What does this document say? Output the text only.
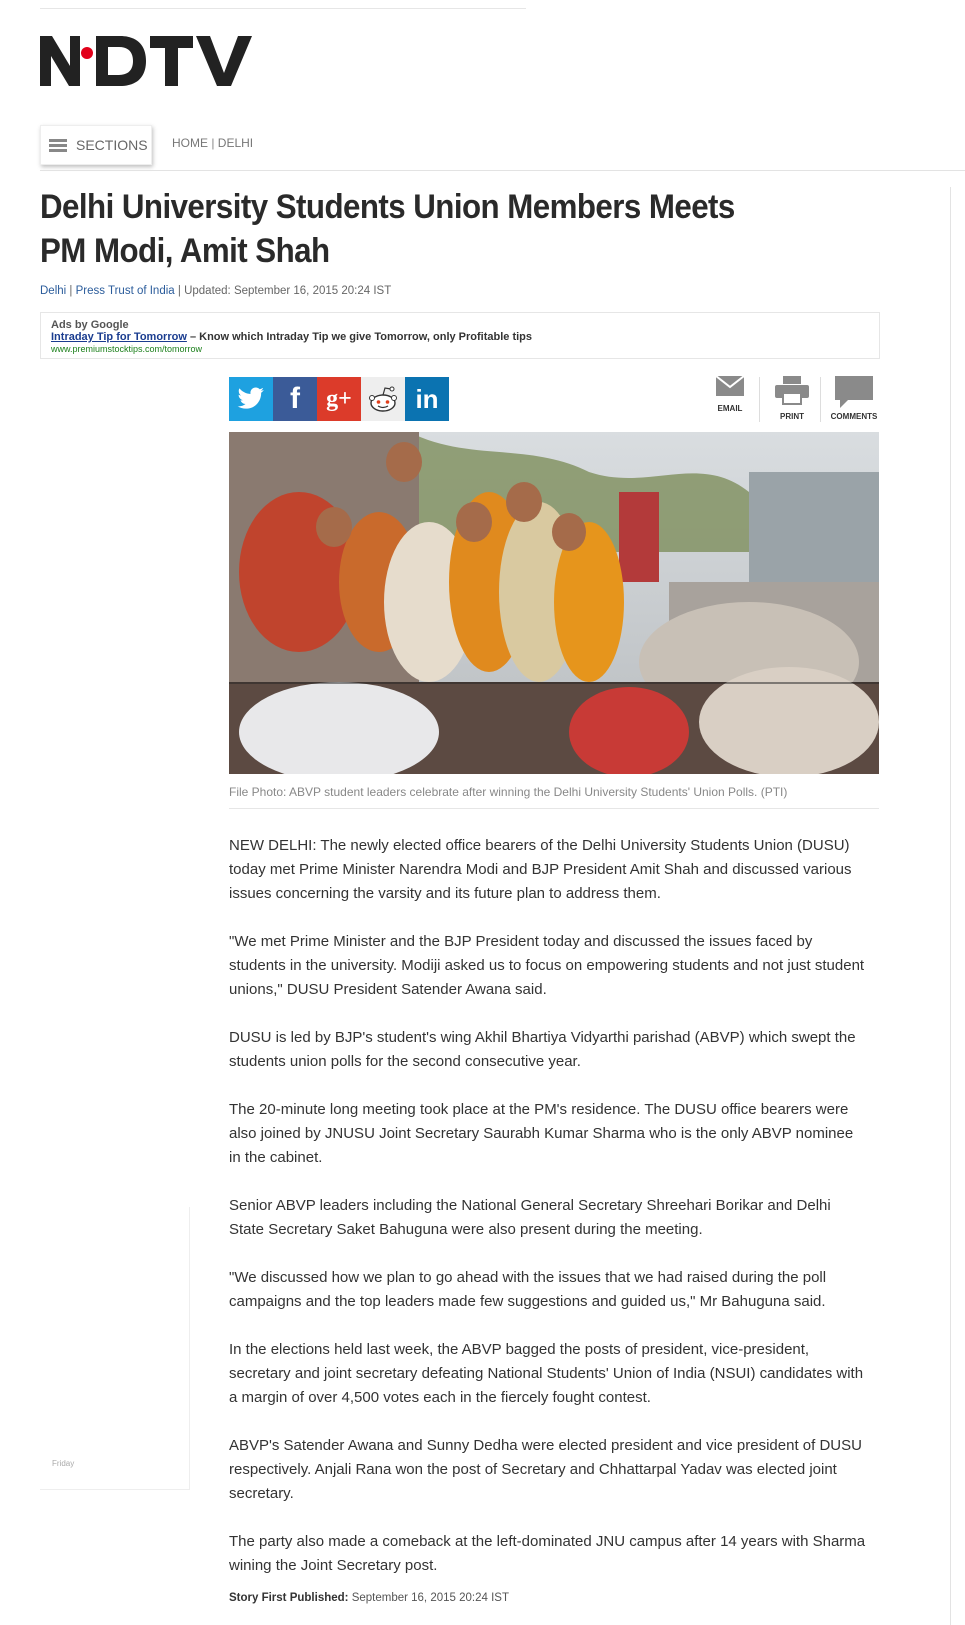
SECTIONS HOME | DELHI
Delhi University Students Union Members Meets PM Modi, Amit Shah
Delhi | Press Trust of India | Updated: September 16, 2015 20:24 IST
Ads by Google
Intraday Tip for Tomorrow – Know which Intraday Tip we give Tomorrow, only Profitable tips
www.premiumstocktips.com/tomorrow
f g+ in	EMAIL
PRINT	COMMENTS
File Photo: ABVP student leaders celebrate after winning the Delhi University Students' Union Polls. (PTI)

NEW DELHI: The newly elected office bearers of the Delhi University Students Union (DUSU) today met Prime Minister Narendra Modi and BJP President Amit Shah and discussed various issues concerning the varsity and its future plan to address them.

"We met Prime Minister and the BJP President today and discussed the issues faced by students in the university. Modiji asked us to focus on empowering students and not just student unions," DUSU President Satender Awana said.

DUSU is led by BJP's student's wing Akhil Bhartiya Vidyarthi parishad (ABVP) which swept the students union polls for the second consecutive year.

The 20-minute long meeting took place at the PM's residence. The DUSU office bearers were also joined by JNUSU Joint Secretary Saurabh Kumar Sharma who is the only ABVP nominee in the cabinet.

Senior ABVP leaders including the National General Secretary Shreehari Borikar and Delhi State Secretary Saket Bahuguna were also present during the meeting.

"We discussed how we plan to go ahead with the issues that we had raised during the poll campaigns and the top leaders made few suggestions and guided us," Mr Bahuguna said.

In the elections held last week, the ABVP bagged the posts of president, vice-president, secretary and joint secretary defeating National Students' Union of India (NSUI) candidates with a margin of over 4,500 votes each in the fiercely fought contest.

ABVP's Satender Awana and Sunny Dedha were elected president and vice president of DUSU respectively. Anjali Rana won the post of Secretary and Chhattarpal Yadav was elected joint secretary.

The party also made a comeback at the left-dominated JNU campus after 14 years with Sharma wining the Joint Secretary post.

Story First Published: September 16, 2015 20:24 IST
Friday
